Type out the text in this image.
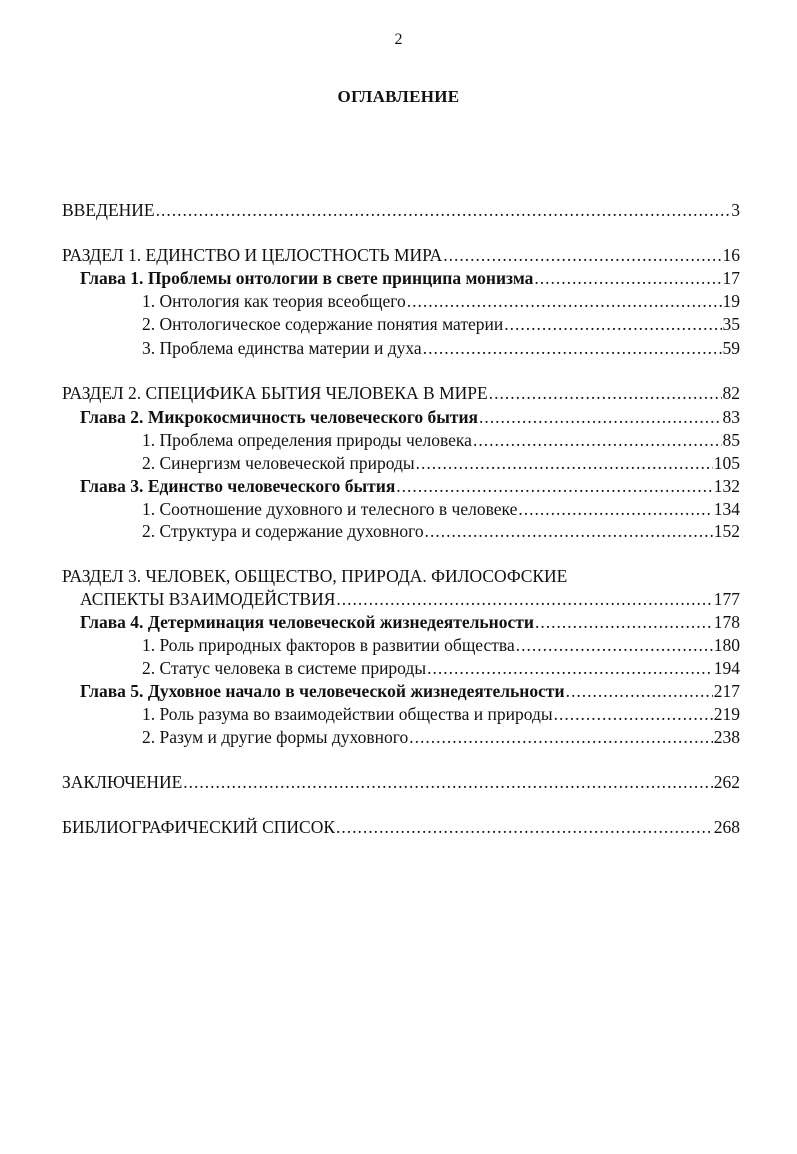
2
ОГЛАВЛЕНИЕ
ВВЕДЕНИЕ .....	3
РАЗДЕЛ 1. ЕДИНСТВО И ЦЕЛОСТНОСТЬ МИРА .....	16
Глава 1. Проблемы онтологии в свете принципа монизма .....	17
1. Онтология как теория всеобщего .....	19
2. Онтологическое содержание понятия материи .....	35
3. Проблема единства материи и духа .....	59
РАЗДЕЛ 2. СПЕЦИФИКА БЫТИЯ ЧЕЛОВЕКА В МИРЕ .....	82
Глава 2. Микрокосмичность человеческого бытия .....	83
1. Проблема определения природы человека .....	85
2. Синергизм человеческой природы .....	105
Глава 3. Единство человеческого бытия .....	132
1. Соотношение духовного и телесного в человеке .....	134
2. Структура и содержание духовного .....	152
РАЗДЕЛ 3. ЧЕЛОВЕК, ОБЩЕСТВО, ПРИРОДА. ФИЛОСОФСКИЕ
АСПЕКТЫ ВЗАИМОДЕЙСТВИЯ .....	177
Глава 4. Детерминация человеческой жизнедеятельности .....	178
1. Роль природных факторов в развитии общества .....	180
2. Статус человека в системе природы .....	194
Глава 5. Духовное начало в человеческой жизнедеятельности .....	217
1. Роль разума во взаимодействии общества и природы .....	219
2. Разум и другие формы духовного .....	238
ЗАКЛЮЧЕНИЕ .....	262
БИБЛИОГРАФИЧЕСКИЙ СПИСОК .....	268
